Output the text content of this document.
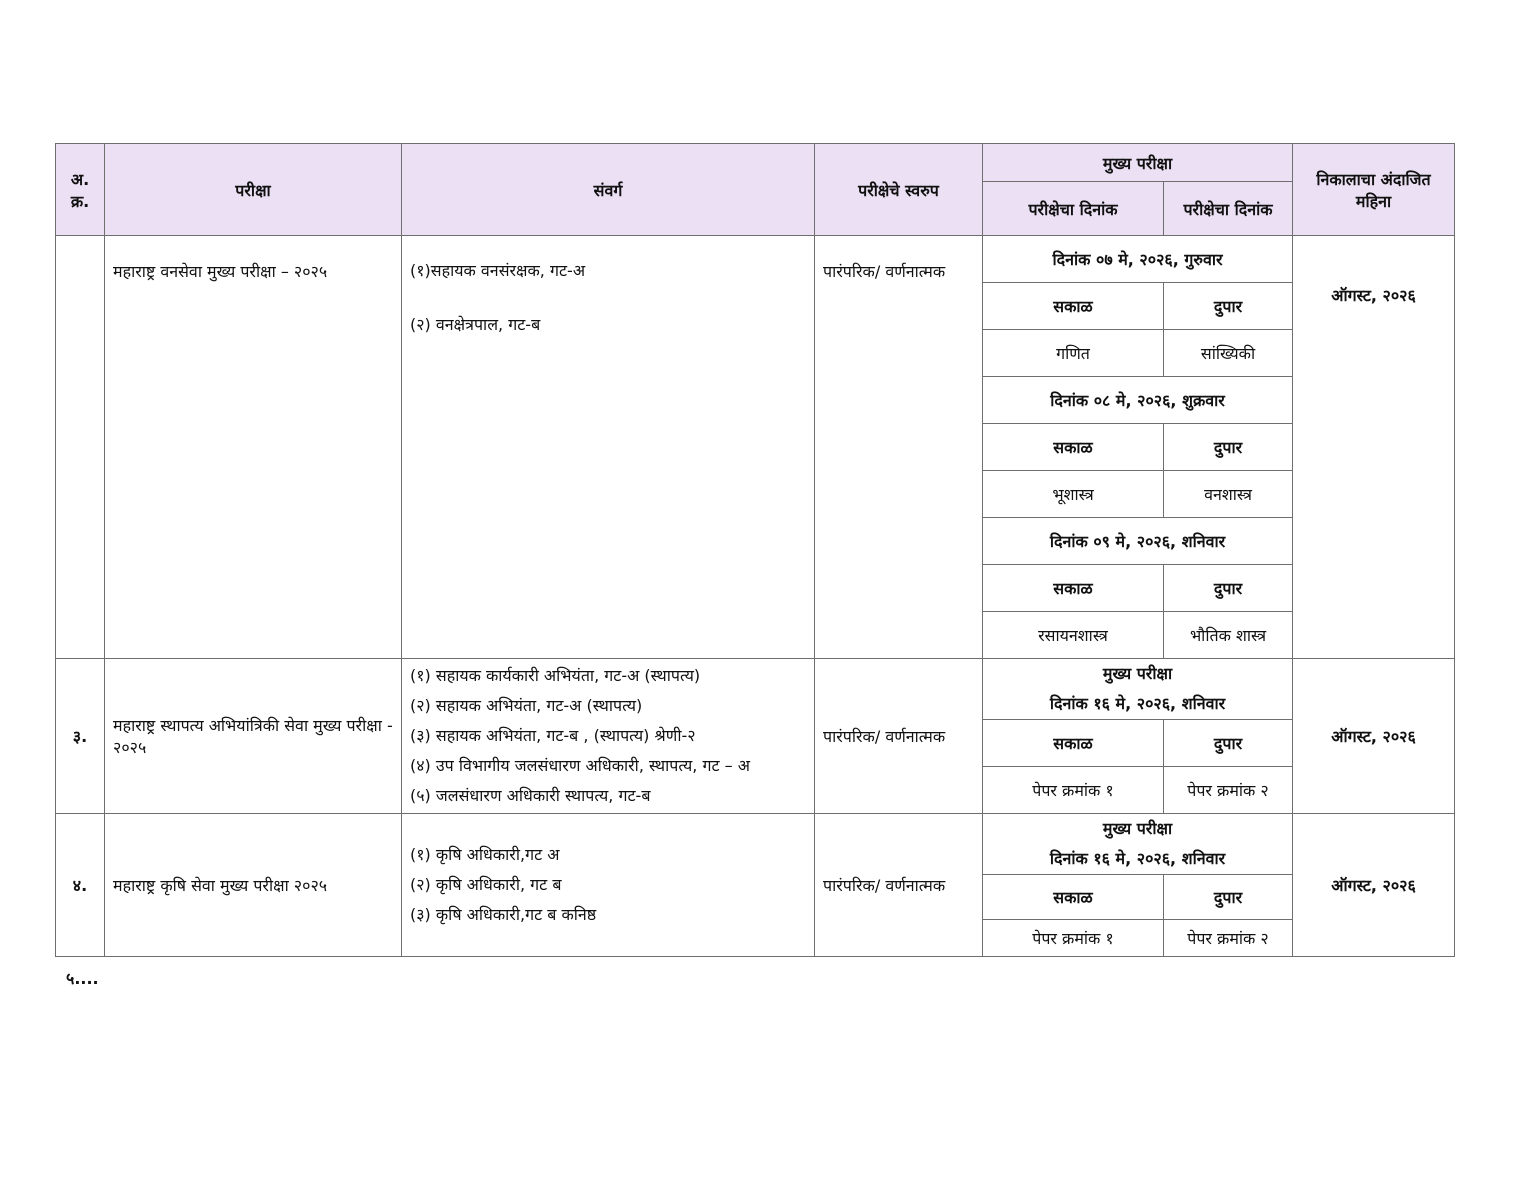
अ. क्र.	परीक्षा	संवर्ग	परीक्षेचे स्वरुप	मुख्य परीक्षा		निकालाचा अंदाजित महिना
				परीक्षेचा दिनांक	परीक्षेचा दिनांक	
	महाराष्ट्र वनसेवा मुख्य परीक्षा – २०२५	(१)सहायक वनसंरक्षक, गट-अ
(२) वनक्षेत्रपाल, गट-ब	पारंपरिक/ वर्णनात्मक	दिनांक ०७ मे, २०२६, गुरुवार		ऑगस्ट, २०२६
				सकाळ	दुपार	
				गणित	सांख्यिकी	
				दिनांक ०८ मे, २०२६, शुक्रवार		
				सकाळ	दुपार	
				भूशास्त्र	वनशास्त्र	
				दिनांक ०९ मे, २०२६, शनिवार		
				सकाळ	दुपार	
				रसायनशास्त्र	भौतिक शास्त्र	
३.	महाराष्ट्र स्थापत्य अभियांत्रिकी सेवा मुख्य परीक्षा - २०२५	(१) सहायक कार्यकारी अभियंता, गट-अ (स्थापत्य)
(२) सहायक अभियंता, गट-अ (स्थापत्य)
(३) सहायक अभियंता, गट-ब , (स्थापत्य) श्रेणी-२
(४) उप विभागीय जलसंधारण अधिकारी, स्थापत्य, गट – अ
(५) जलसंधारण अधिकारी स्थापत्य, गट-ब	पारंपरिक/ वर्णनात्मक	मुख्य परीक्षा
दिनांक १६ मे, २०२६, शनिवार		ऑगस्ट, २०२६
				सकाळ	दुपार	
				पेपर क्रमांक १	पेपर क्रमांक २	
४.	महाराष्ट्र कृषि सेवा मुख्य परीक्षा २०२५	(१) कृषि अधिकारी,गट अ
(२) कृषि अधिकारी, गट ब
(३) कृषि अधिकारी,गट ब कनिष्ठ	पारंपरिक/ वर्णनात्मक	मुख्य परीक्षा
दिनांक १६ मे, २०२६, शनिवार		ऑगस्ट, २०२६
				सकाळ	दुपार	
				पेपर क्रमांक १	पेपर क्रमांक २	
५....
